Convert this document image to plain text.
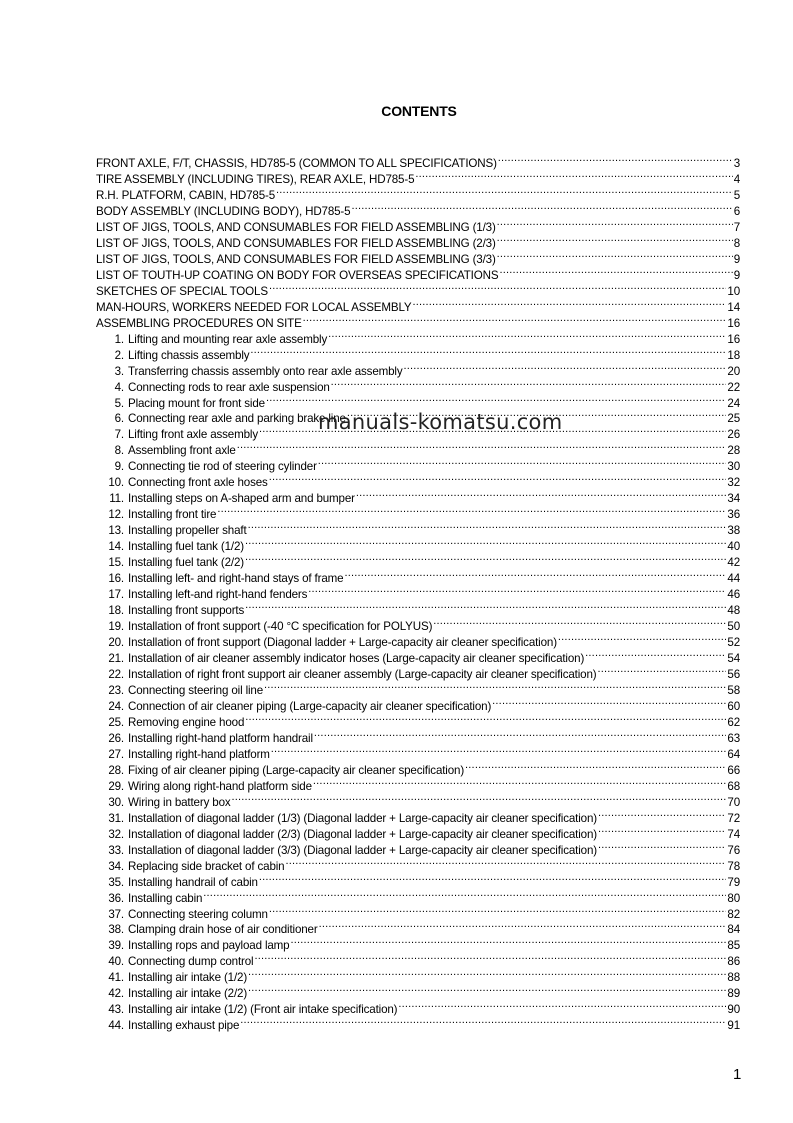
CONTENTS
FRONT AXLE, F/T, CHASSIS, HD785-5 (COMMON TO ALL SPECIFICATIONS) .....	3
TIRE ASSEMBLY (INCLUDING TIRES), REAR AXLE, HD785-5 .....	4
R.H. PLATFORM, CABIN, HD785-5 .....	5
BODY ASSEMBLY (INCLUDING BODY), HD785-5 .....	6
LIST OF JIGS, TOOLS, AND CONSUMABLES FOR FIELD ASSEMBLING (1/3) .....	7
LIST OF JIGS, TOOLS, AND CONSUMABLES FOR FIELD ASSEMBLING (2/3) .....	8
LIST OF JIGS, TOOLS, AND CONSUMABLES FOR FIELD ASSEMBLING (3/3) .....	9
LIST OF TOUTH-UP COATING ON BODY FOR OVERSEAS SPECIFICATIONS .....	9
SKETCHES OF SPECIAL TOOLS .....	10
MAN-HOURS, WORKERS NEEDED FOR LOCAL ASSEMBLY .....	14
ASSEMBLING PROCEDURES ON SITE .....	16
1. Lifting and mounting rear axle assembly .....	16
2. Lifting chassis assembly .....	18
3. Transferring chassis assembly onto rear axle assembly .....	20
4. Connecting rods to rear axle suspension .....	22
5. Placing mount for front side .....	24
6. Connecting rear axle and parking brake line .....	25
7. Lifting front axle assembly .....	26
8. Assembling front axle .....	28
9. Connecting tie rod of steering cylinder .....	30
10. Connecting front axle hoses .....	32
11. Installing steps on A-shaped arm and bumper .....	34
12. Installing front tire .....	36
13. Installing propeller shaft .....	38
14. Installing fuel tank (1/2) .....	40
15. Installing fuel tank (2/2) .....	42
16. Installing left- and right-hand stays of frame .....	44
17. Installing left-and right-hand fenders .....	46
18. Installing front supports .....	48
19. Installation of front support (-40 °C specification for POLYUS) .....	50
20. Installation of front support (Diagonal ladder + Large-capacity air cleaner specification) .....	52
21. Installation of air cleaner assembly indicator hoses (Large-capacity air cleaner specification) .....	54
22. Installation of right front support air cleaner assembly (Large-capacity air cleaner specification) .....	56
23. Connecting steering oil line .....	58
24. Connection of air cleaner piping (Large-capacity air cleaner specification) .....	60
25. Removing engine hood .....	62
26. Installing right-hand platform handrail .....	63
27. Installing right-hand platform .....	64
28. Fixing of air cleaner piping (Large-capacity air cleaner specification) .....	66
29. Wiring along right-hand platform side .....	68
30. Wiring in battery box .....	70
31. Installation of diagonal ladder (1/3) (Diagonal ladder + Large-capacity air cleaner specification) .....	72
32. Installation of diagonal ladder (2/3) (Diagonal ladder + Large-capacity air cleaner specification) .....	74
33. Installation of diagonal ladder (3/3) (Diagonal ladder + Large-capacity air cleaner specification) .....	76
34. Replacing side bracket of cabin .....	78
35. Installing handrail of cabin .....	79
36. Installing cabin .....	80
37. Connecting steering column .....	82
38. Clamping drain hose of air conditioner .....	84
39. Installing rops and payload lamp .....	85
40. Connecting dump control .....	86
41. Installing air intake (1/2) .....	88
42. Installing air intake (2/2) .....	89
43. Installing air intake (1/2) (Front air intake specification) .....	90
44. Installing exhaust pipe .....	91
manuals-komatsu.com
1
